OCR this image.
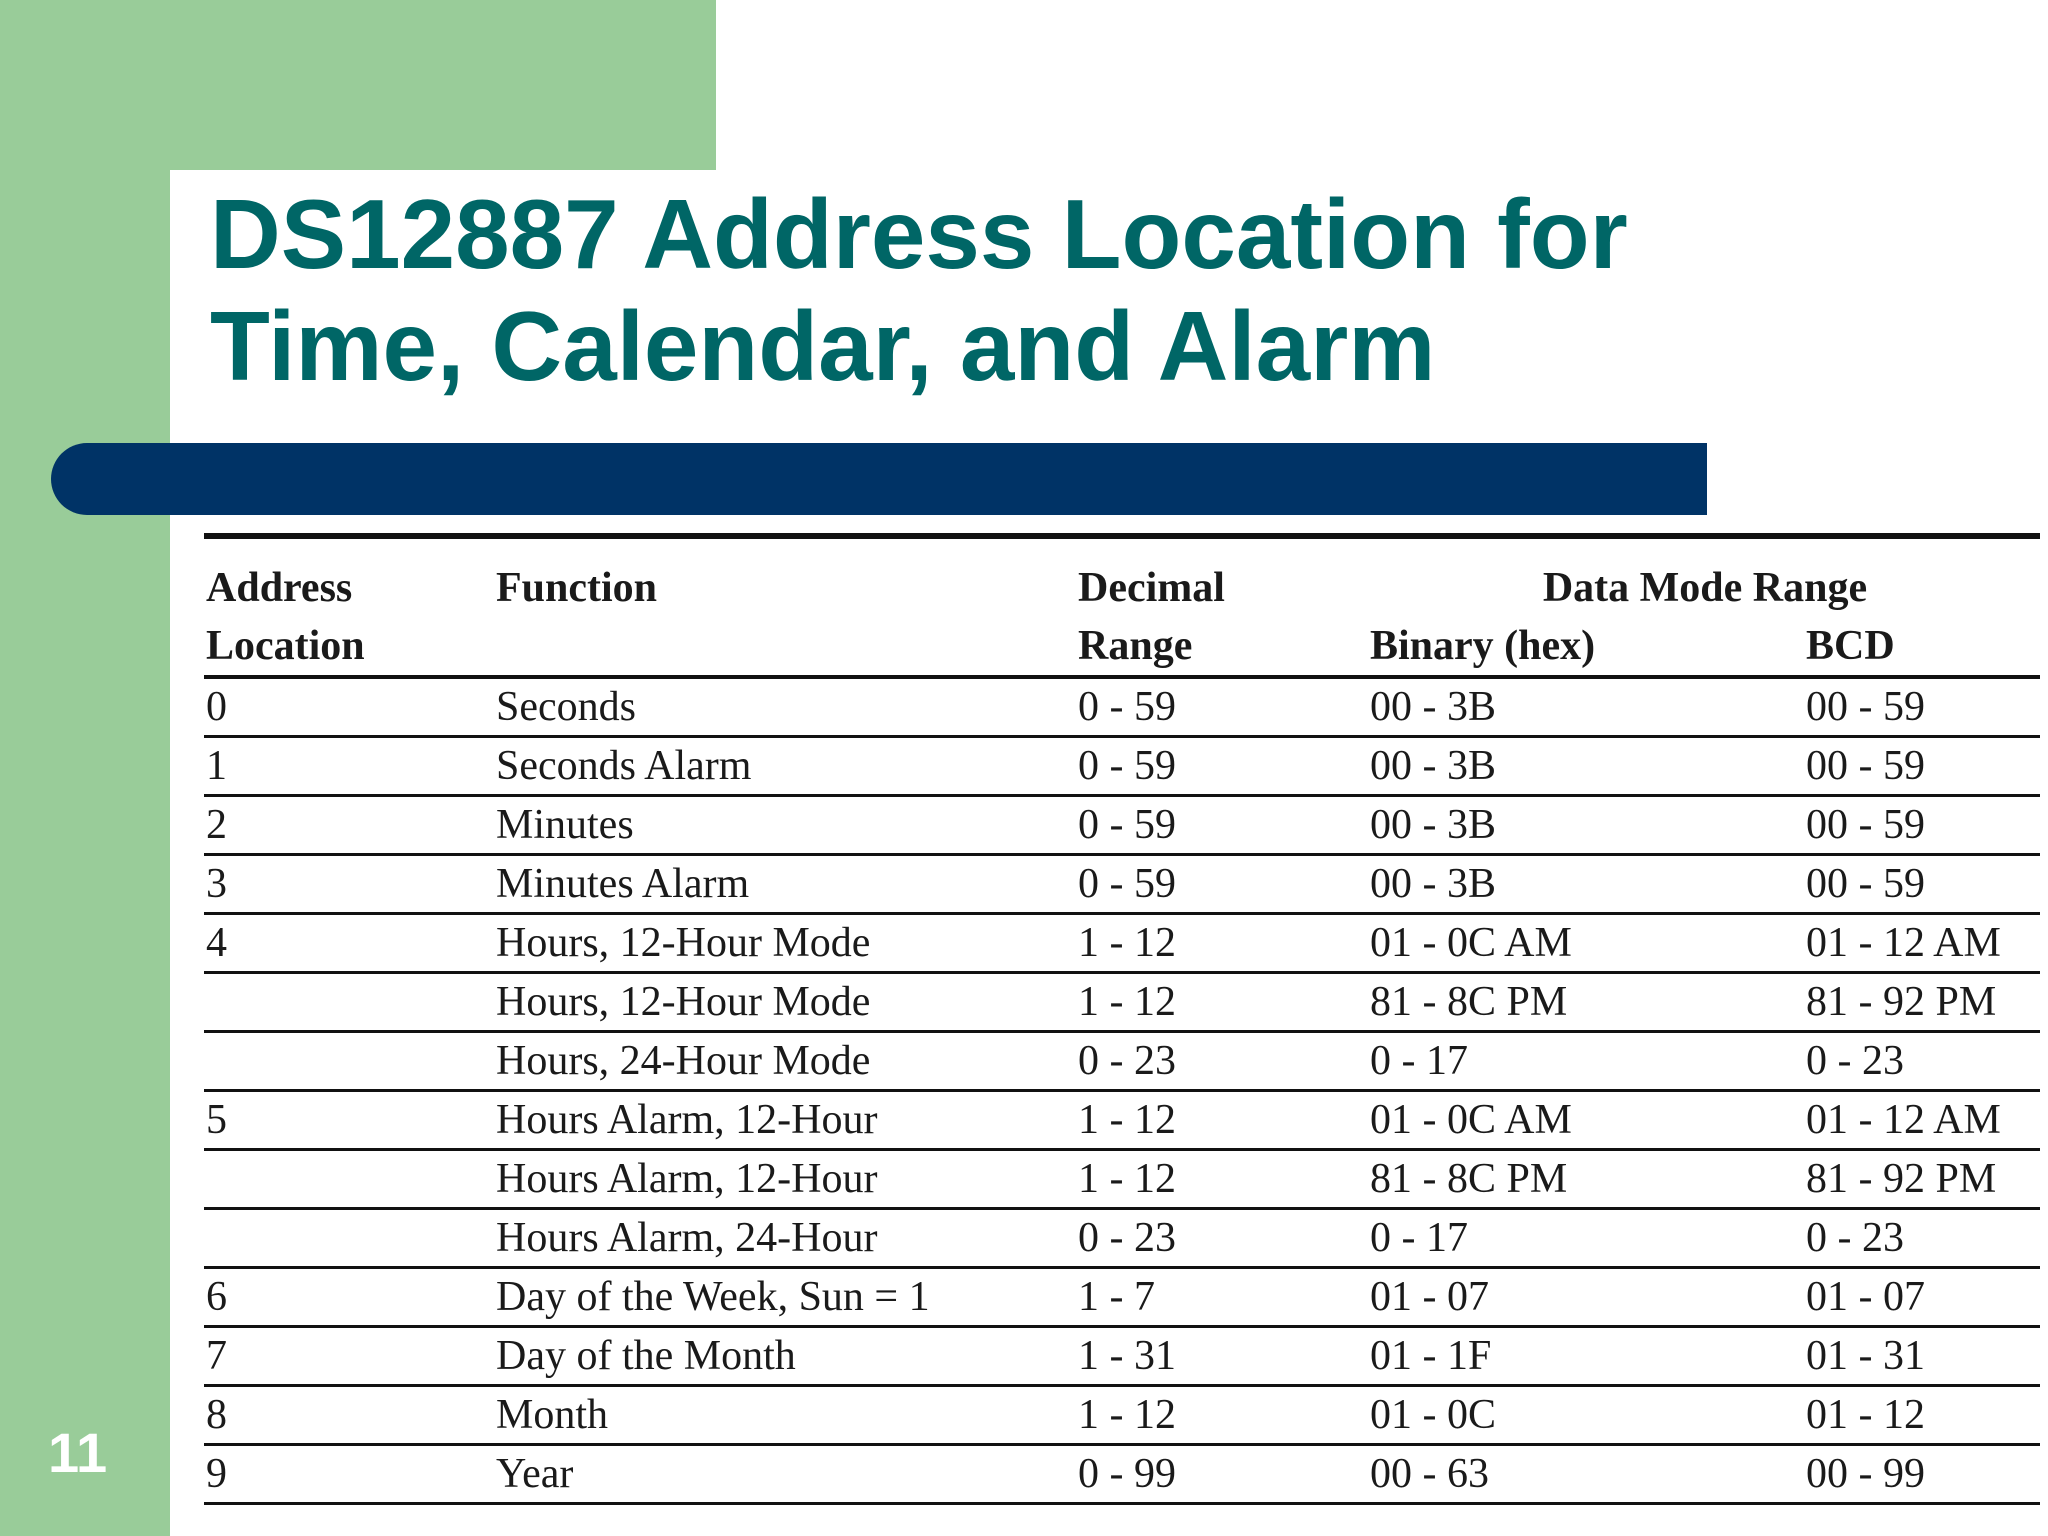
DS12887 Address Location for
Time, Calendar, and Alarm
Address	Function	Decimal	Data Mode Range	
Location		Range	Binary (hex)	BCD
0	Seconds	0 - 59	00 - 3B	00 - 59
1	Seconds Alarm	0 - 59	00 - 3B	00 - 59
2	Minutes	0 - 59	00 - 3B	00 - 59
3	Minutes Alarm	0 - 59	00 - 3B	00 - 59
4	Hours, 12-Hour Mode	1 - 12	01 - 0C AM	01 - 12 AM
	Hours, 12-Hour Mode	1 - 12	81 - 8C PM	81 - 92 PM
	Hours, 24-Hour Mode	0 - 23	0 - 17	0 - 23
5	Hours Alarm, 12-Hour	1 - 12	01 - 0C AM	01 - 12 AM
	Hours Alarm, 12-Hour	1 - 12	81 - 8C PM	81 - 92 PM
	Hours Alarm, 24-Hour	0 - 23	0 - 17	0 - 23
6	Day of the Week, Sun = 1	1 - 7	01 - 07	01 - 07
7	Day of the Month	1 - 31	01 - 1F	01 - 31
8	Month	1 - 12	01 - 0C	01 - 12
9	Year	0 - 99	00 - 63	00 - 99
11
